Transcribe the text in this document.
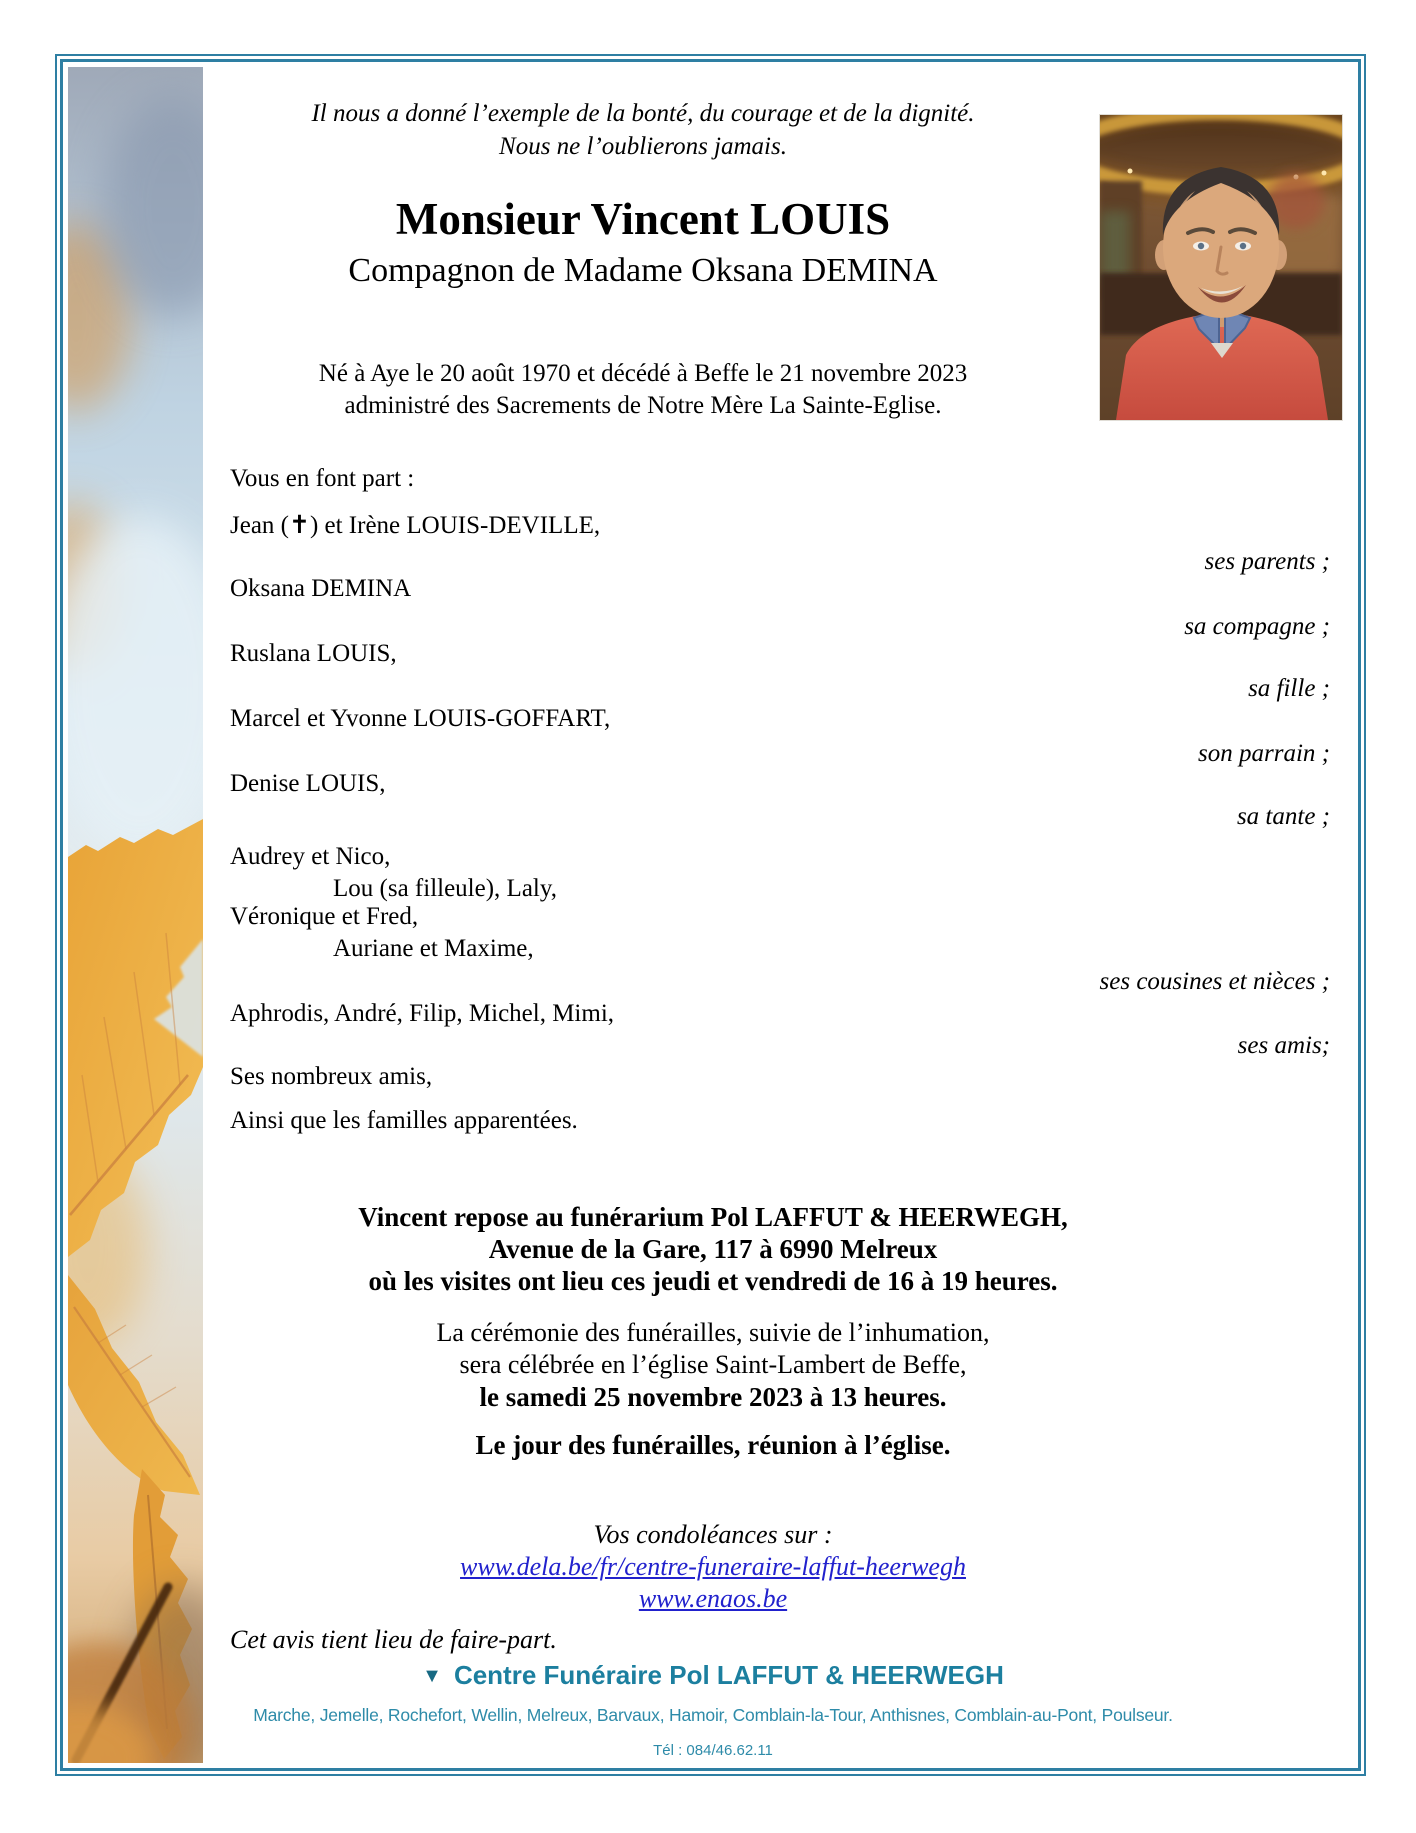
Il nous a donné l’exemple de la bonté, du courage et de la dignité.
Nous ne l’oublierons jamais.
Monsieur Vincent LOUIS
Compagnon de Madame Oksana DEMINA
Né à Aye le 20 août 1970 et décédé à Beffe le 21 novembre 2023
administré des Sacrements de Notre Mère La Sainte-Eglise.
Vous en font part :
Jean (✝) et Irène LOUIS-DEVILLE,
Oksana DEMINA
Ruslana LOUIS,
Marcel et Yvonne LOUIS-GOFFART,
Denise LOUIS,
Audrey et Nico,
Lou (sa filleule), Laly,
Véronique et Fred,
Auriane et Maxime,
Aphrodis, André, Filip, Michel, Mimi,
Ses nombreux amis,
Ainsi que les familles apparentées.
ses parents ;
sa compagne ;
sa fille ;
son parrain ;
sa tante ;
ses cousines et nièces ;
ses amis;
Vincent repose au funérarium Pol LAFFUT & HEERWEGH,
Avenue de la Gare, 117 à 6990 Melreux
où les visites ont lieu ces jeudi et vendredi de 16 à 19 heures.
La cérémonie des funérailles, suivie de l’inhumation,
sera célébrée en l’église Saint-Lambert de Beffe,
le samedi 25 novembre 2023 à 13 heures.
Le jour des funérailles, réunion à l’église.
Vos condoléances sur :
www.dela.be/fr/centre-funeraire-laffut-heerwegh
www.enaos.be
Cet avis tient lieu de faire-part.
▼ Centre Funéraire Pol LAFFUT & HEERWEGH
Marche, Jemelle, Rochefort, Wellin, Melreux, Barvaux, Hamoir, Comblain-la-Tour, Anthisnes, Comblain-au-Pont, Poulseur.
Tél : 084/46.62.11
